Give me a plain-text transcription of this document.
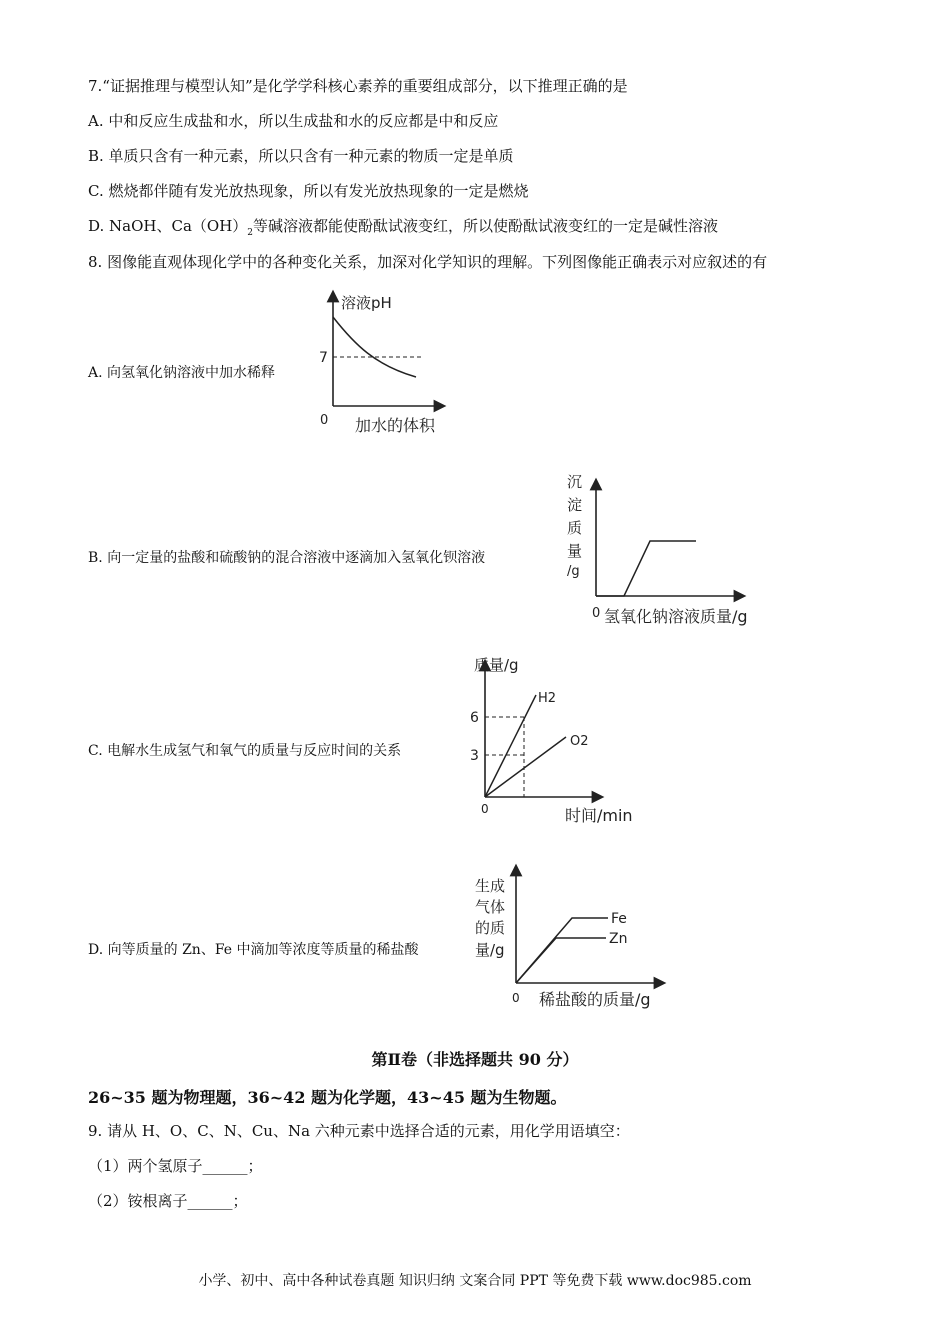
7.“证据推理与模型认知”是化学学科核心素养的重要组成部分，以下推理正确的是
A. 中和反应生成盐和水，所以生成盐和水的反应都是中和反应
B. 单质只含有一种元素，所以只含有一种元素的物质一定是单质
C. 燃烧都伴随有发光放热现象，所以有发光放热现象的一定是燃烧
D. NaOH、$Ca(OH)_2$等碱溶液都能使酚酞试液变红，所以使酚酞试液变红的一定是碱性溶液
8. 图像能直观体现化学中的各种变化关系，加深对化学知识的理解。下列图像能正确表示对应叙述的有
A. 向氢氧化钠溶液中加水稀释
B. 向一定量的盐酸和硫酸钠的混合溶液中逐滴加入氢氧化钡溶液
C. 电解水生成氢气和氧气的质量与反应时间的关系
D. 向等质量的 Zn、Fe 中滴加等浓度等质量的稀盐酸
溶液pH
7
0 加水的体积
沉
淀
质
量
/g
0 氢氧化钠溶液质量/g
质量/g
6
3
0
H2
O2
时间/min
生成
气体
的质
量/g
Fe
Zn
0 稀盐酸的质量/g
第Ⅱ卷（非选择题共 90 分）
26~35 题为物理题，36~42 题为化学题，43~45 题为生物题。
9. 请从 H、O、C、N、Cu、Na 六种元素中选择合适的元素，用化学用语填空：
（1）两个氢原子______；
（2）铵根离子______；
小学、初中、高中各种试卷真题 知识归纳 文案合同 PPT 等免费下载 www.doc985.com
